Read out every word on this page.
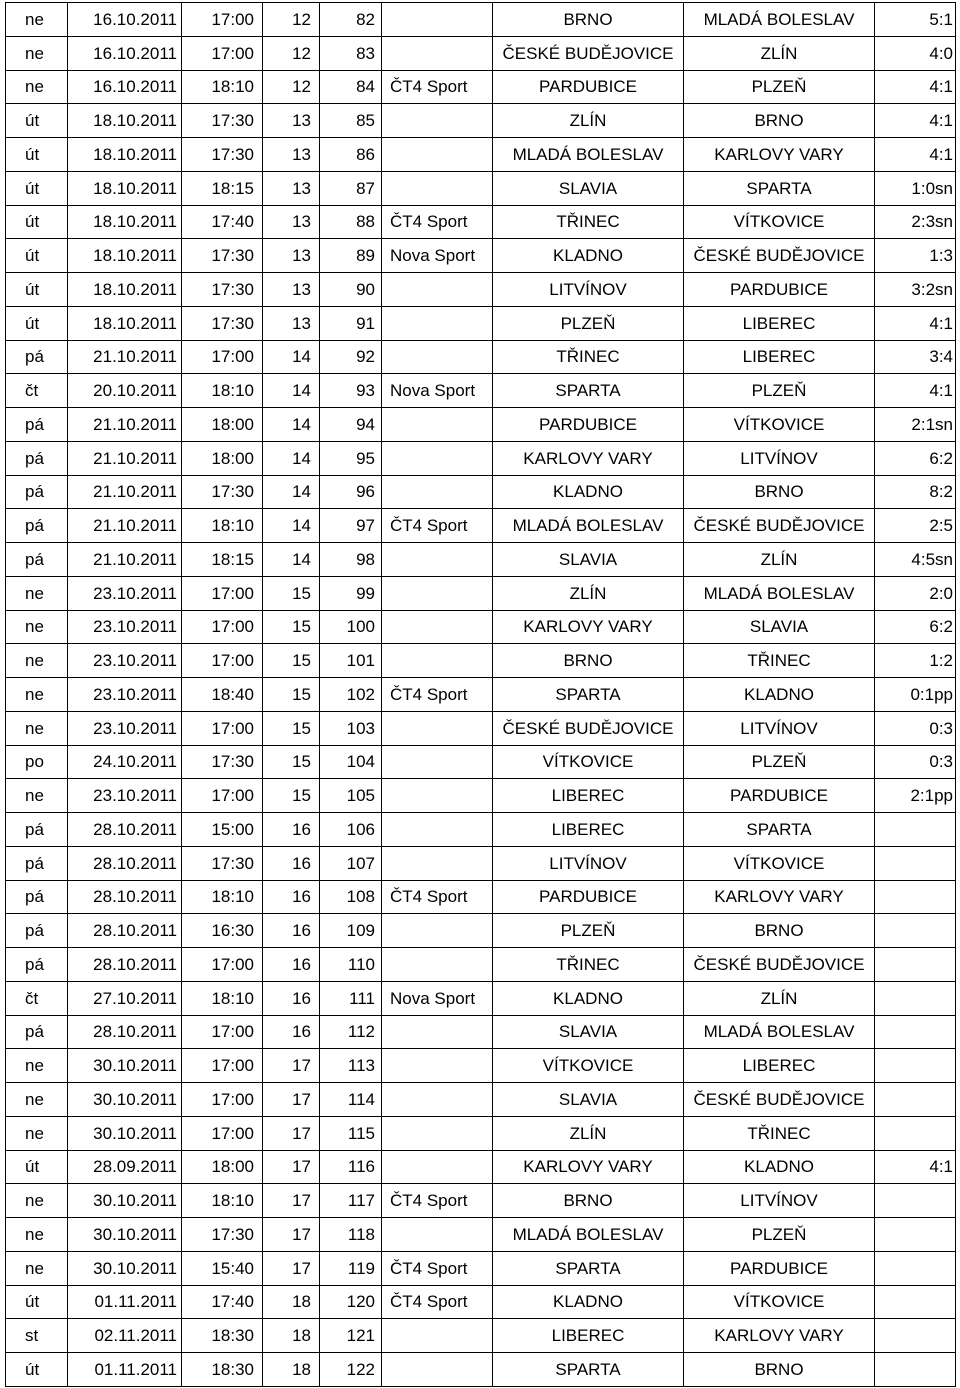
ne	16.10.2011	17:00	12	82		BRNO	MLADÁ BOLESLAV	5:1
ne	16.10.2011	17:00	12	83		ČESKÉ BUDĚJOVICE	ZLÍN	4:0
ne	16.10.2011	18:10	12	84	ČT4 Sport	PARDUBICE	PLZEŇ	4:1
út	18.10.2011	17:30	13	85		ZLÍN	BRNO	4:1
út	18.10.2011	17:30	13	86		MLADÁ BOLESLAV	KARLOVY VARY	4:1
út	18.10.2011	18:15	13	87		SLAVIA	SPARTA	1:0sn
út	18.10.2011	17:40	13	88	ČT4 Sport	TŘINEC	VÍTKOVICE	2:3sn
út	18.10.2011	17:30	13	89	Nova Sport	KLADNO	ČESKÉ BUDĚJOVICE	1:3
út	18.10.2011	17:30	13	90		LITVÍNOV	PARDUBICE	3:2sn
út	18.10.2011	17:30	13	91		PLZEŇ	LIBEREC	4:1
pá	21.10.2011	17:00	14	92		TŘINEC	LIBEREC	3:4
čt	20.10.2011	18:10	14	93	Nova Sport	SPARTA	PLZEŇ	4:1
pá	21.10.2011	18:00	14	94		PARDUBICE	VÍTKOVICE	2:1sn
pá	21.10.2011	18:00	14	95		KARLOVY VARY	LITVÍNOV	6:2
pá	21.10.2011	17:30	14	96		KLADNO	BRNO	8:2
pá	21.10.2011	18:10	14	97	ČT4 Sport	MLADÁ BOLESLAV	ČESKÉ BUDĚJOVICE	2:5
pá	21.10.2011	18:15	14	98		SLAVIA	ZLÍN	4:5sn
ne	23.10.2011	17:00	15	99		ZLÍN	MLADÁ BOLESLAV	2:0
ne	23.10.2011	17:00	15	100		KARLOVY VARY	SLAVIA	6:2
ne	23.10.2011	17:00	15	101		BRNO	TŘINEC	1:2
ne	23.10.2011	18:40	15	102	ČT4 Sport	SPARTA	KLADNO	0:1pp
ne	23.10.2011	17:00	15	103		ČESKÉ BUDĚJOVICE	LITVÍNOV	0:3
po	24.10.2011	17:30	15	104		VÍTKOVICE	PLZEŇ	0:3
ne	23.10.2011	17:00	15	105		LIBEREC	PARDUBICE	2:1pp
pá	28.10.2011	15:00	16	106		LIBEREC	SPARTA	
pá	28.10.2011	17:30	16	107		LITVÍNOV	VÍTKOVICE	
pá	28.10.2011	18:10	16	108	ČT4 Sport	PARDUBICE	KARLOVY VARY	
pá	28.10.2011	16:30	16	109		PLZEŇ	BRNO	
pá	28.10.2011	17:00	16	110		TŘINEC	ČESKÉ BUDĚJOVICE	
čt	27.10.2011	18:10	16	111	Nova Sport	KLADNO	ZLÍN	
pá	28.10.2011	17:00	16	112		SLAVIA	MLADÁ BOLESLAV	
ne	30.10.2011	17:00	17	113		VÍTKOVICE	LIBEREC	
ne	30.10.2011	17:00	17	114		SLAVIA	ČESKÉ BUDĚJOVICE	
ne	30.10.2011	17:00	17	115		ZLÍN	TŘINEC	
út	28.09.2011	18:00	17	116		KARLOVY VARY	KLADNO	4:1
ne	30.10.2011	18:10	17	117	ČT4 Sport	BRNO	LITVÍNOV	
ne	30.10.2011	17:30	17	118		MLADÁ BOLESLAV	PLZEŇ	
ne	30.10.2011	15:40	17	119	ČT4 Sport	SPARTA	PARDUBICE	
út	01.11.2011	17:40	18	120	ČT4 Sport	KLADNO	VÍTKOVICE	
st	02.11.2011	18:30	18	121		LIBEREC	KARLOVY VARY	
út	01.11.2011	18:30	18	122		SPARTA	BRNO	
